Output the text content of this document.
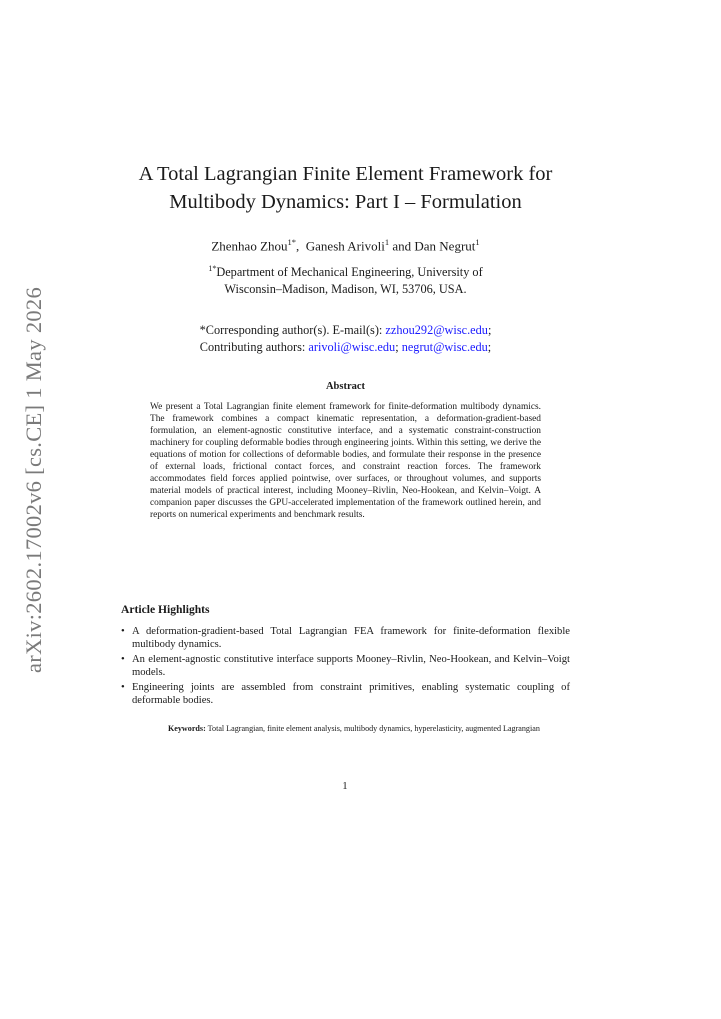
arXiv:2602.17002v6 [cs.CE] 1 May 2026
A Total Lagrangian Finite Element Framework for
Multibody Dynamics: Part I – Formulation
Zhenhao Zhou$^{1*}$,  Ganesh Arivoli$^1$ and Dan Negrut$^1$
$^{1*}$Department of Mechanical Engineering, University of
Wisconsin–Madison, Madison, WI, 53706, USA.
*Corresponding author(s). E-mail(s): zzhou292@wisc.edu;
Contributing authors: arivoli@wisc.edu; negrut@wisc.edu;
Abstract
We present a Total Lagrangian finite element framework for finite-deformation multibody dynamics. The framework combines a compact kinematic representation, a deformation-gradient-based formulation, an element-agnostic constitutive interface, and a systematic constraint-construction machinery for coupling deformable bodies through engineering joints. Within this setting, we derive the equations of motion for collections of deformable bodies, and formulate their response in the presence of external loads, frictional contact forces, and constraint reaction forces. The framework accommodates field forces applied pointwise, over surfaces, or throughout volumes, and supports material models of practical interest, including Mooney–Rivlin, Neo-Hookean, and Kelvin–Voigt. A companion paper discusses the GPU-accelerated implementation of the framework outlined herein, and reports on numerical experiments and benchmark results.
Article Highlights
• A deformation-gradient-based Total Lagrangian FEA framework for finite-deformation flexible multibody dynamics.
• An element-agnostic constitutive interface supports Mooney–Rivlin, Neo-Hookean, and Kelvin–Voigt models.
• Engineering joints are assembled from constraint primitives, enabling systematic coupling of deformable bodies.
Keywords: Total Lagrangian, finite element analysis, multibody dynamics, hyperelasticity, augmented Lagrangian
1
